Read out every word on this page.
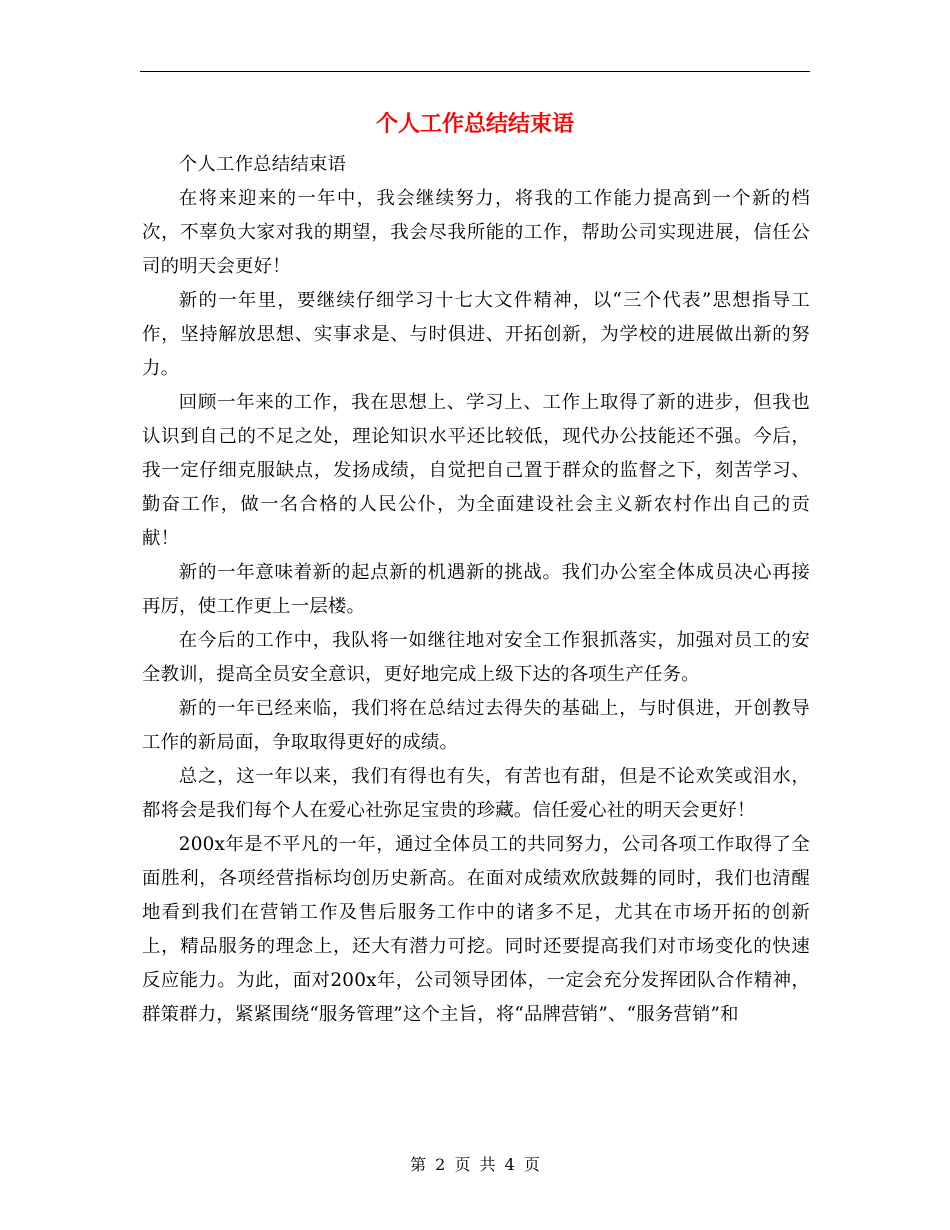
个人工作总结结束语

个人工作总结结束语

在将来迎来的一年中，我会继续努力，将我的工作能力提高到一个新的档次，不辜负大家对我的期望，我会尽我所能的工作，帮助公司实现进展，信任公司的明天会更好！

新的一年里，要继续仔细学习十七大文件精神，以“三个代表”思想指导工作，坚持解放思想、实事求是、与时俱进、开拓创新，为学校的进展做出新的努力。

回顾一年来的工作，我在思想上、学习上、工作上取得了新的进步，但我也认识到自己的不足之处，理论知识水平还比较低，现代办公技能还不强。今后，我一定仔细克服缺点，发扬成绩，自觉把自己置于群众的监督之下，刻苦学习、勤奋工作，做一名合格的人民公仆，为全面建设社会主义新农村作出自己的贡献！

新的一年意味着新的起点新的机遇新的挑战。我们办公室全体成员决心再接再厉，使工作更上一层楼。

在今后的工作中，我队将一如继往地对安全工作狠抓落实，加强对员工的安全教训，提高全员安全意识，更好地完成上级下达的各项生产任务。

新的一年已经来临，我们将在总结过去得失的基础上，与时俱进，开创教导工作的新局面，争取取得更好的成绩。

总之，这一年以来，我们有得也有失，有苦也有甜，但是不论欢笑或泪水，都将会是我们每个人在爱心社弥足宝贵的珍藏。信任爱心社的明天会更好！

200x年是不平凡的一年，通过全体员工的共同努力，公司各项工作取得了全面胜利，各项经营指标均创历史新高。在面对成绩欢欣鼓舞的同时，我们也清醒地看到我们在营销工作及售后服务工作中的诸多不足，尤其在市场开拓的创新上，精品服务的理念上，还大有潜力可挖。同时还要提高我们对市场变化的快速反应能力。为此，面对200x年，公司领导团体，一定会充分发挥团队合作精神，群策群力，紧紧围绕“服务管理”这个主旨，将“品牌营销”、“服务营销”和

第 2 页 共 4 页
